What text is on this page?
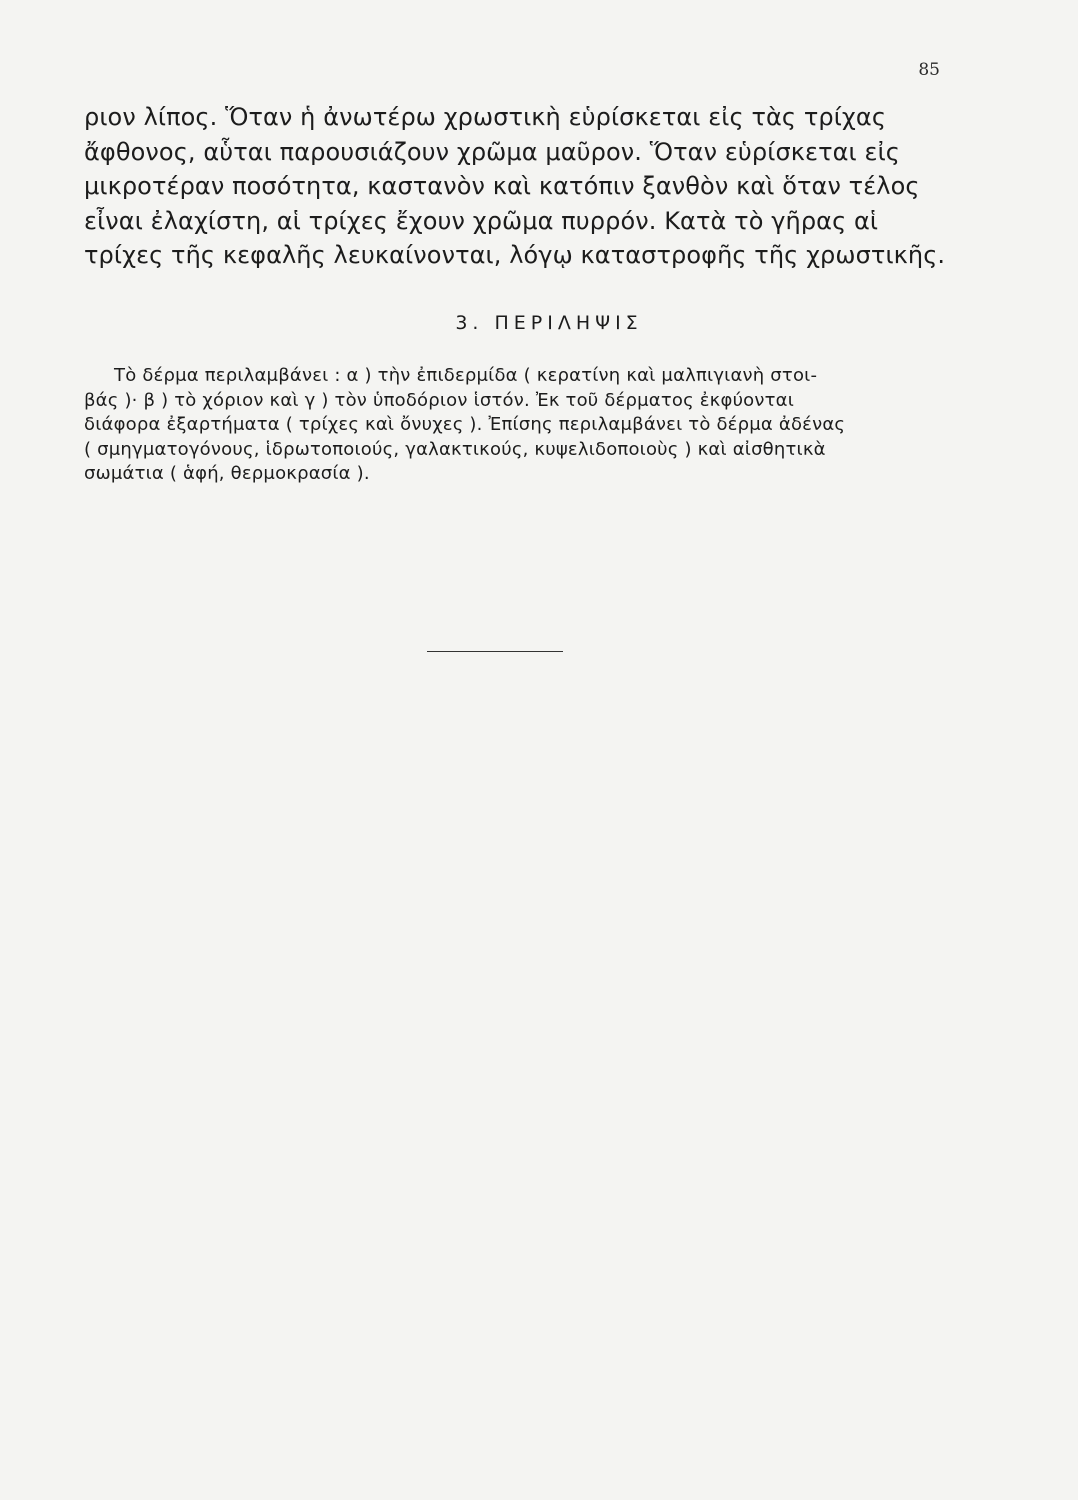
85
ριον λίπος. Ὅταν ἡ ἀνωτέρω χρωστικὴ εὑρίσκεται εἰς τὰς τρίχας
ἄφθονος, αὗται παρουσιάζουν χρῶμα μαῦρον. Ὅταν εὑρίσκεται εἰς
μικροτέραν ποσότητα, καστανὸν καὶ κατόπιν ξανθὸν καὶ ὅταν τέλος
εἶναι ἐλαχίστη, αἱ τρίχες ἔχουν χρῶμα πυρρόν. Κατὰ τὸ γῆρας αἱ
τρίχες τῆς κεφαλῆς λευκαίνονται, λόγῳ καταστροφῆς τῆς χρωστικῆς.
3. ΠΕΡΙΛΗΨΙΣ
Τὸ δέρμα περιλαμβάνει : α ) τὴν ἐπιδερμίδα ( κερατίνη καὶ μαλπιγιανὴ στοι-
βάς )· β ) τὸ χόριον καὶ γ ) τὸν ὑποδόριον ἱστόν. Ἐκ τοῦ δέρματος ἐκφύονται
διάφορα ἐξαρτήματα ( τρίχες καὶ ὄνυχες ). Ἐπίσης περιλαμβάνει τὸ δέρμα ἀδένας
( σμηγματογόνους, ἱδρωτοποιούς, γαλακτικούς, κυψελιδοποιοὺς ) καὶ αἰσθητικὰ
σωμάτια ( ἁφή, θερμοκρασία ).
